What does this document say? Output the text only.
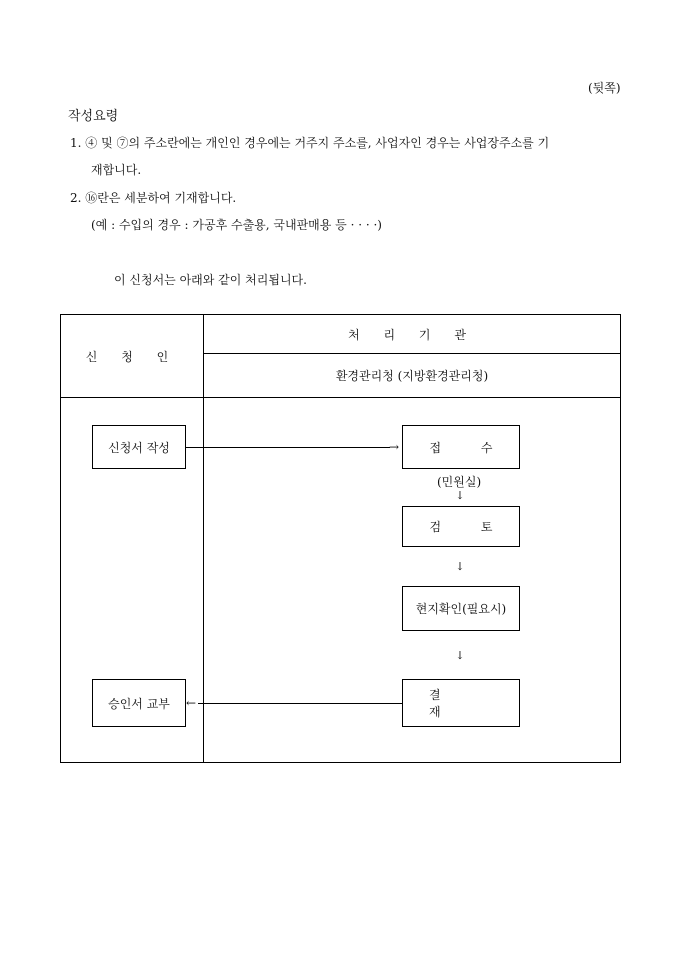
(뒷쪽)
작성요령
1. ④ 및 ⑦의 주소란에는 개인인 경우에는 거주지 주소를, 사업자인 경우는 사업장주소를 기
재합니다.
2. ⑯란은 세분하여 기재합니다.
(예 : 수입의 경우 : 가공후 수출용, 국내판매용 등 · · · ·)
이 신청서는 아래와 같이 처리됩니다.
신 청 인
처 리 기 관
환경관리청 (지방환경관리청)
신청서 작성
승인서 교부
접 수
(민원실)
↓
검 토
↓
현지확인(필요시)
↓
결 재
→
←
